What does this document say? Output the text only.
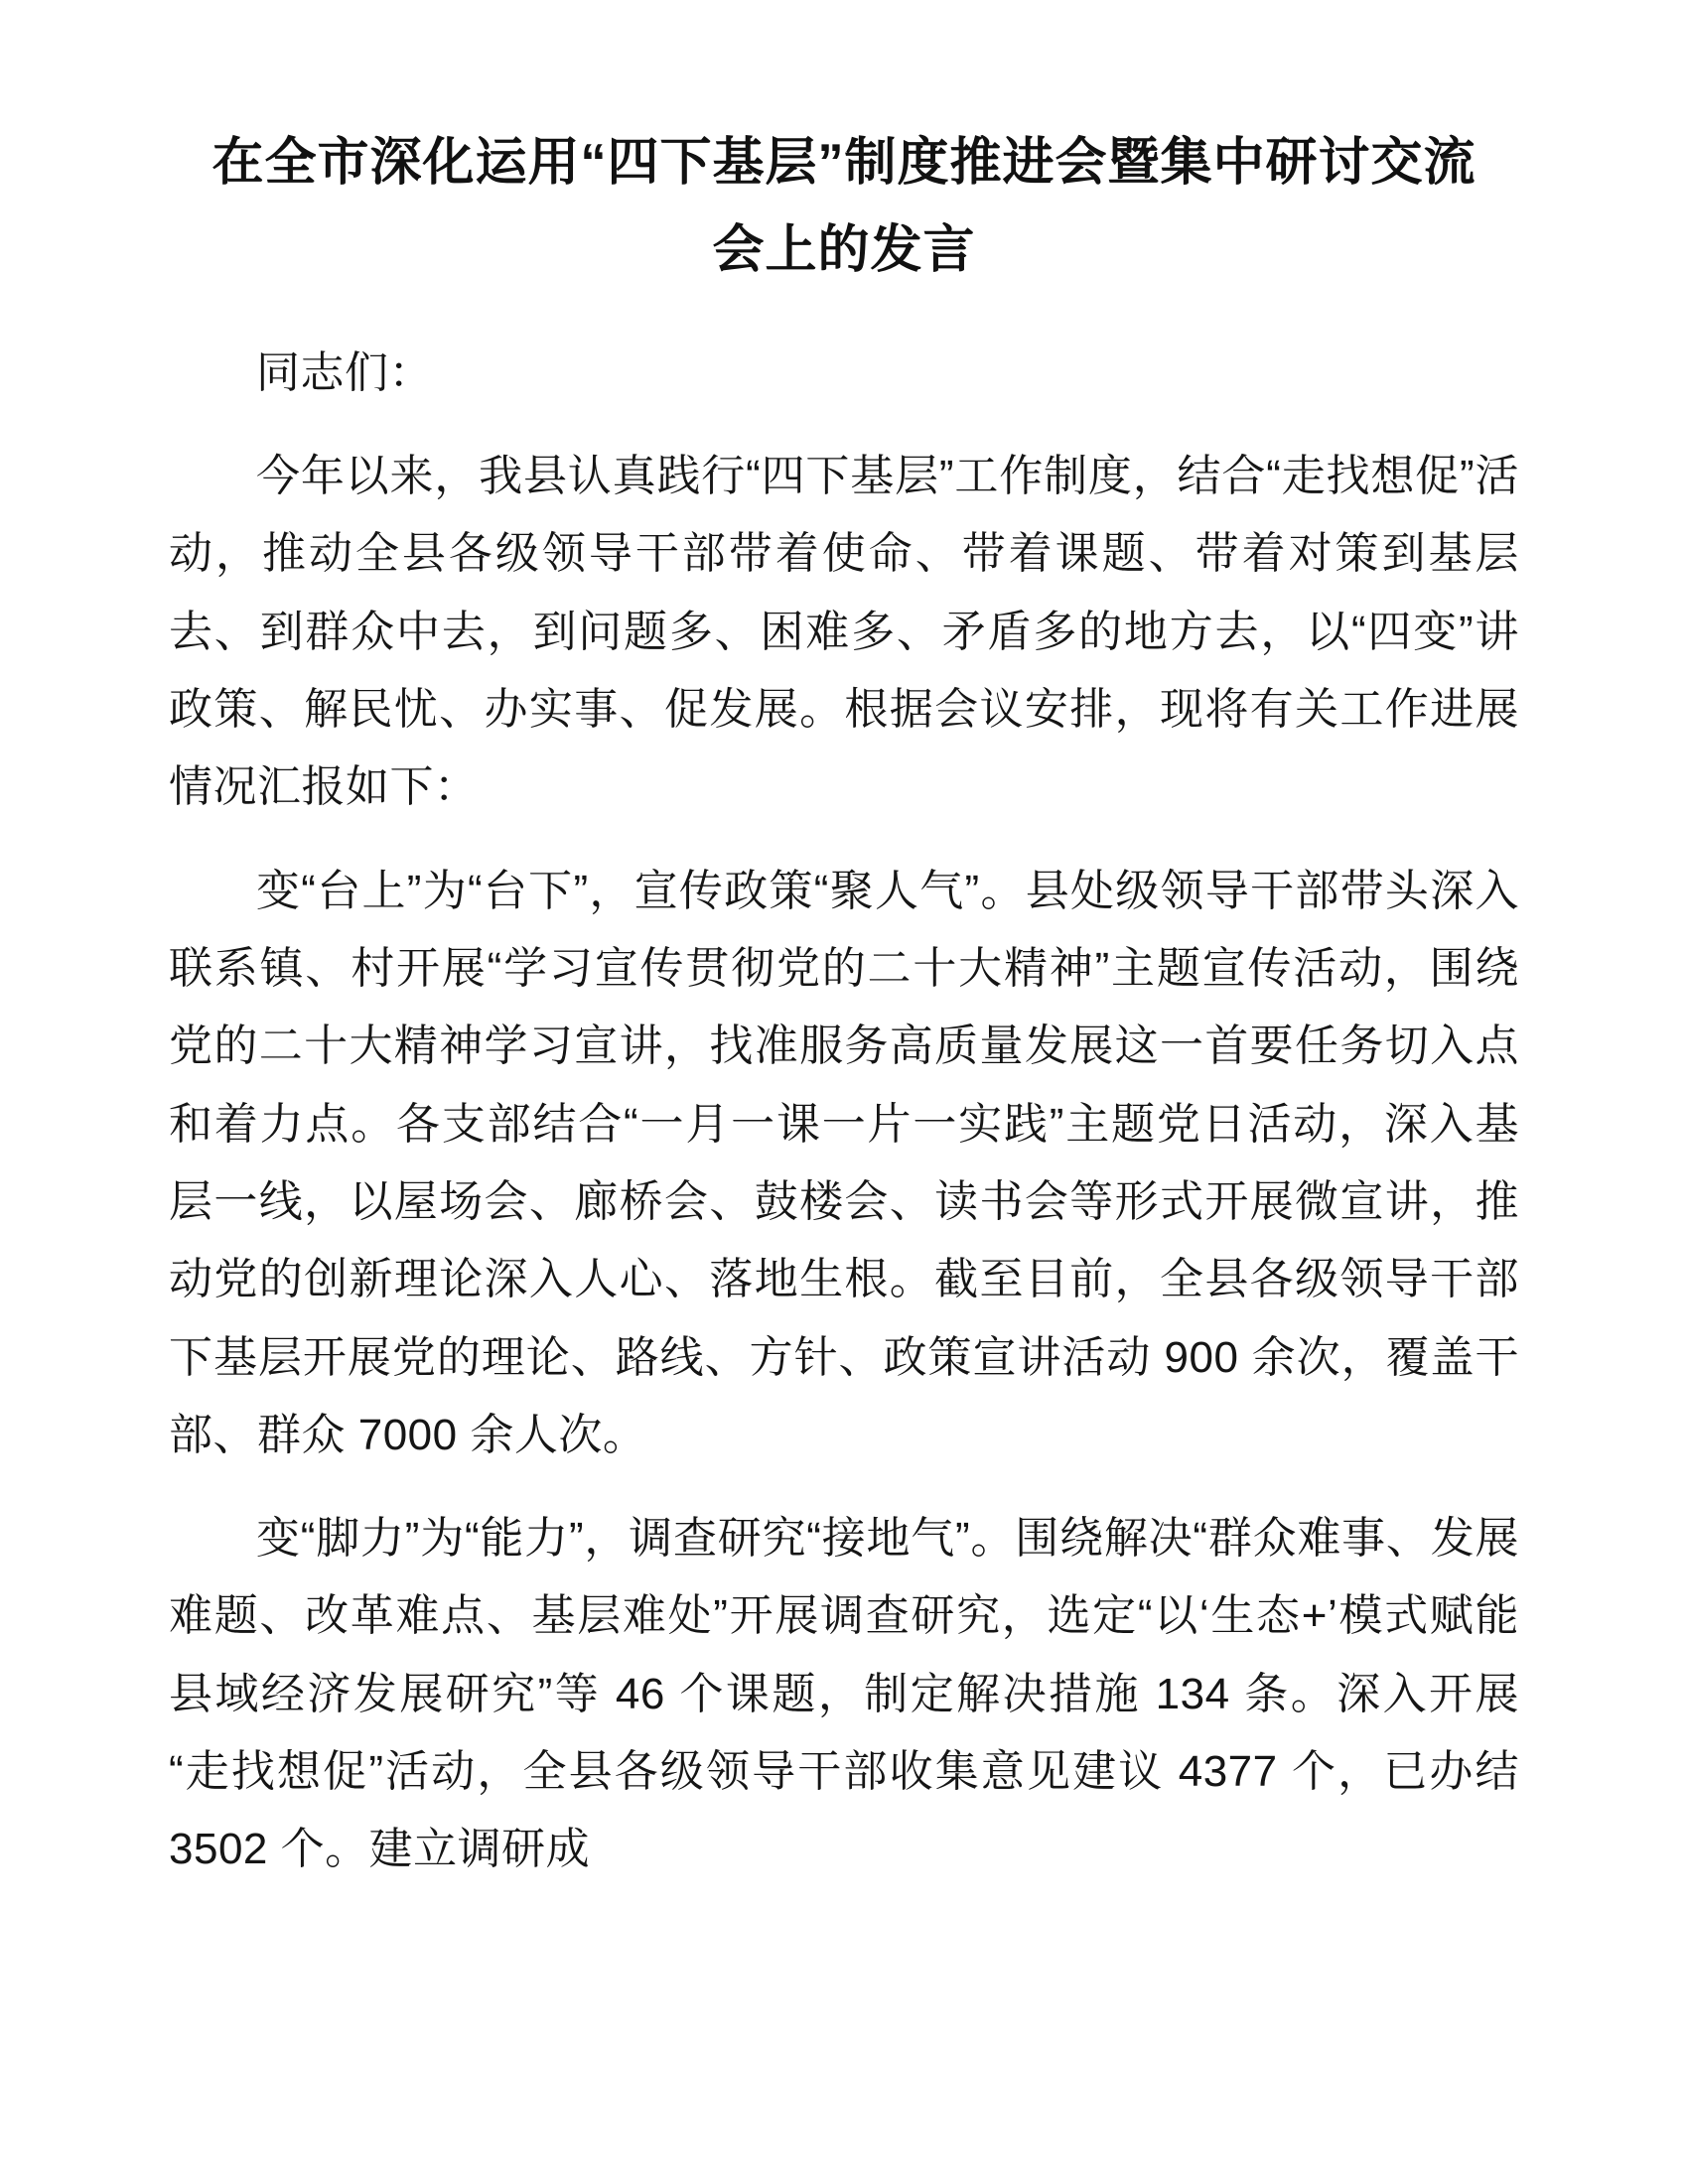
在全市深化运用“四下基层”制度推进会暨集中研讨交流会上的发言

同志们：

今年以来，我县认真践行“四下基层”工作制度，结合“走找想促”活动，推动全县各级领导干部带着使命、带着课题、带着对策到基层去、到群众中去，到问题多、困难多、矛盾多的地方去，以“四变”讲政策、解民忧、办实事、促发展。根据会议安排，现将有关工作进展情况汇报如下：

变“台上”为“台下”，宣传政策“聚人气”。县处级领导干部带头深入联系镇、村开展“学习宣传贯彻党的二十大精神”主题宣传活动，围绕党的二十大精神学习宣讲，找准服务高质量发展这一首要任务切入点和着力点。各支部结合“一月一课一片一实践”主题党日活动，深入基层一线，以屋场会、廊桥会、鼓楼会、读书会等形式开展微宣讲，推动党的创新理论深入人心、落地生根。截至目前，全县各级领导干部下基层开展党的理论、路线、方针、政策宣讲活动 900 余次，覆盖干部、群众 7000 余人次。

变“脚力”为“能力”，调查研究“接地气”。围绕解决“群众难事、发展难题、改革难点、基层难处”开展调查研究，选定“以‘生态+’模式赋能县域经济发展研究”等 46 个课题，制定解决措施 134 条。深入开展“走找想促”活动，全县各级领导干部收集意见建议 4377 个，已办结 3502 个。建立调研成
